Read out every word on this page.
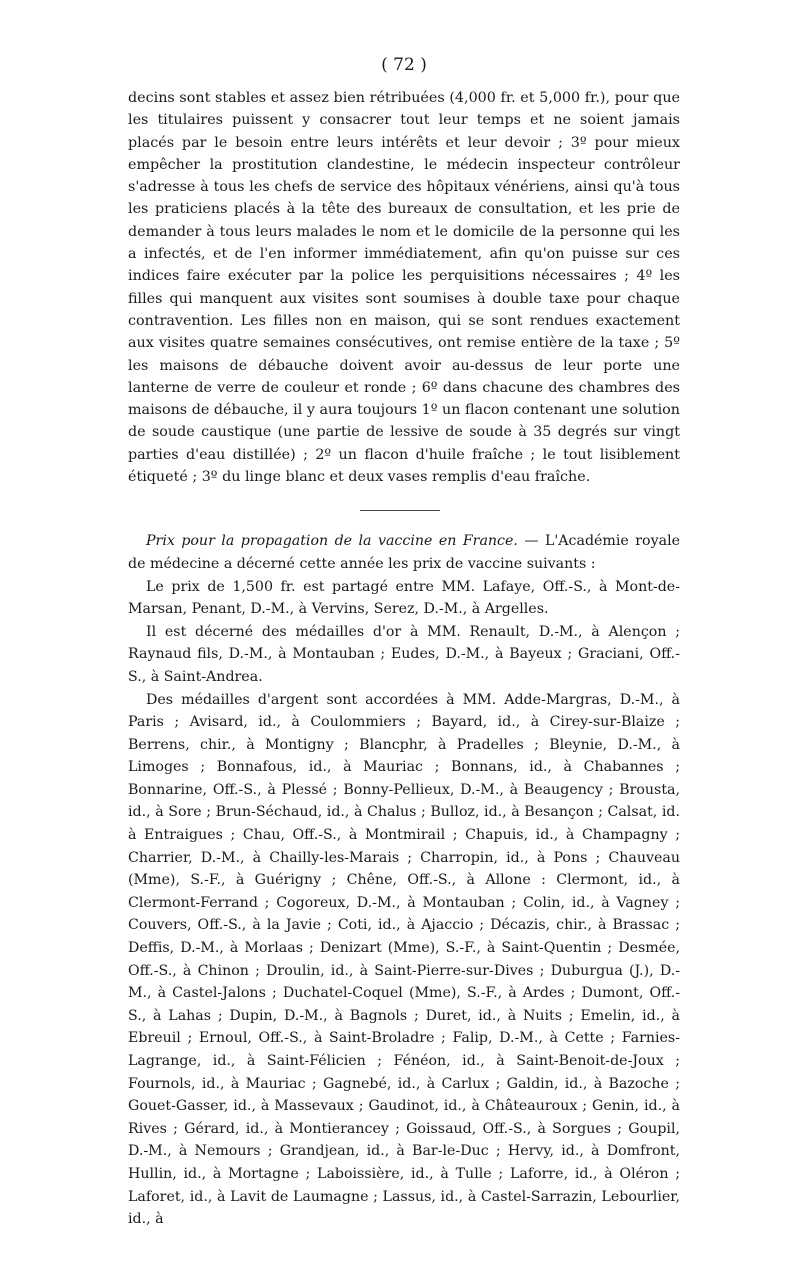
( 72 )

decins sont stables et assez bien rétribuées (4,000 fr. et 5,000 fr.), pour que les titulaires puissent y consacrer tout leur temps et ne soient jamais placés par le besoin entre leurs intérêts et leur devoir ; 3º pour mieux empêcher la prostitution clandestine, le médecin inspecteur contrôleur s'adresse à tous les chefs de service des hôpitaux vénériens, ainsi qu'à tous les praticiens placés à la tête des bureaux de consultation, et les prie de demander à tous leurs malades le nom et le domicile de la personne qui les a infectés, et de l'en informer immédiatement, afin qu'on puisse sur ces indices faire exécuter par la police les perquisitions nécessaires ; 4º les filles qui manquent aux visites sont soumises à double taxe pour chaque contravention. Les filles non en maison, qui se sont rendues exactement aux visites quatre semaines consécutives, ont remise entière de la taxe ; 5º les maisons de débauche doivent avoir au-dessus de leur porte une lanterne de verre de couleur et ronde ; 6º dans chacune des chambres des maisons de débauche, il y aura toujours 1º un flacon contenant une solution de soude caustique (une partie de lessive de soude à 35 degrés sur vingt parties d'eau distillée) ; 2º un flacon d'huile fraîche ; le tout lisiblement étiqueté ; 3º du linge blanc et deux vases remplis d'eau fraîche.

Prix pour la propagation de la vaccine en France. — L'Académie royale de médecine a décerné cette année les prix de vaccine suivants :

Le prix de 1,500 fr. est partagé entre MM. Lafaye, Off.-S., à Mont-de-Marsan, Penant, D.-M., à Vervins, Serez, D.-M., à Argelles.

Il est décerné des médailles d'or à MM. Renault, D.-M., à Alençon ; Raynaud fils, D.-M., à Montauban ; Eudes, D.-M., à Bayeux ; Graciani, Off.-S., à Saint-Andrea.

Des médailles d'argent sont accordées à MM. Adde-Margras, D.-M., à Paris ; Avisard, id., à Coulommiers ; Bayard, id., à Cirey-sur-Blaize ; Berrens, chir., à Montigny ; Blancphr, à Pradelles ; Bleynie, D.-M., à Limoges ; Bonnafous, id., à Mauriac ; Bonnans, id., à Chabannes ; Bonnarine, Off.-S., à Plessé ; Bonny-Pellieux, D.-M., à Beaugency ; Brousta, id., à Sore ; Brun-Séchaud, id., à Chalus ; Bulloz, id., à Besançon ; Calsat, id. à Entraigues ; Chau, Off.-S., à Montmirail ; Chapuis, id., à Champagny ; Charrier, D.-M., à Chailly-les-Marais ; Charropin, id., à Pons ; Chauveau (Mme), S.-F., à Guérigny ; Chêne, Off.-S., à Allone : Clermont, id., à Clermont-Ferrand ; Cogoreux, D.-M., à Montauban ; Colin, id., à Vagney ; Couvers, Off.-S., à la Javie ; Coti, id., à Ajaccio ; Décazis, chir., à Brassac ; Deffis, D.-M., à Morlaas ; Denizart (Mme), S.-F., à Saint-Quentin ; Desmée, Off.-S., à Chinon ; Droulin, id., à Saint-Pierre-sur-Dives ; Duburgua (J.), D.-M., à Castel-Jalons ; Duchatel-Coquel (Mme), S.-F., à Ardes ; Dumont, Off.-S., à Lahas ; Dupin, D.-M., à Bagnols ; Duret, id., à Nuits ; Emelin, id., à Ebreuil ; Ernoul, Off.-S., à Saint-Broladre ; Falip, D.-M., à Cette ; Farnies-Lagrange, id., à Saint-Félicien ; Fénéon, id., à Saint-Benoit-de-Joux ; Fournols, id., à Mauriac ; Gagnebé, id., à Carlux ; Galdin, id., à Bazoche ; Gouet-Gasser, id., à Massevaux ; Gaudinot, id., à Châteauroux ; Genin, id., à Rives ; Gérard, id., à Montierancey ; Goissaud, Off.-S., à Sorgues ; Goupil, D.-M., à Nemours ; Grandjean, id., à Bar-le-Duc ; Hervy, id., à Domfront, Hullin, id., à Mortagne ; Laboissière, id., à Tulle ; Laforre, id., à Oléron ; Laforet, id., à Lavit de Laumagne ; Lassus, id., à Castel-Sarrazin, Lebourlier, id., à
